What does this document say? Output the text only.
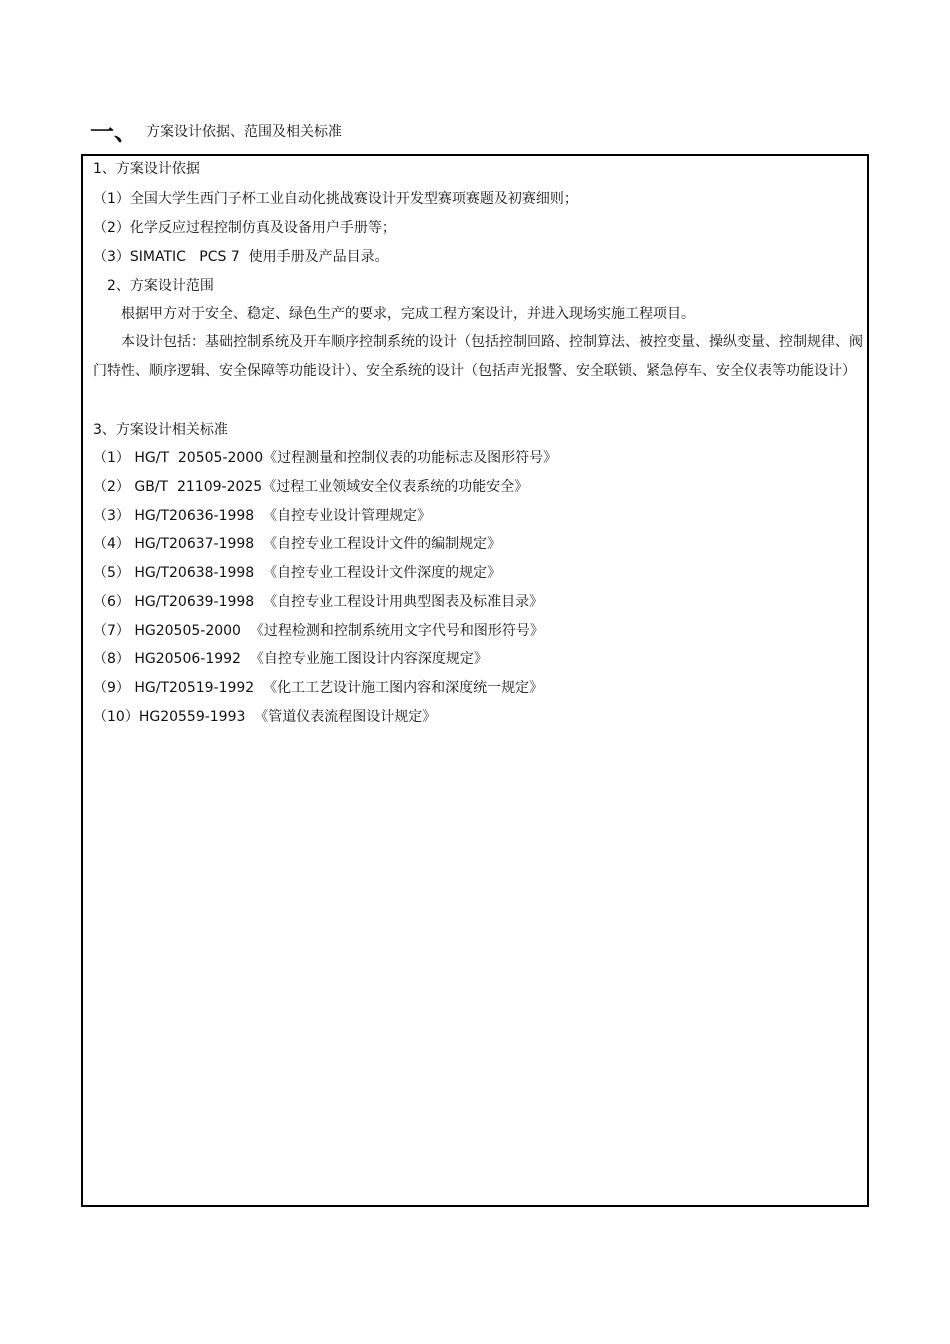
一、 方案设计依据、范围及相关标准
1、方案设计依据
（1）全国大学生西门子杯工业自动化挑战赛设计开发型赛项赛题及初赛细则；
（2）化学反应过程控制仿真及设备用户手册等；
（3）SIMATIC   PCS 7  使用手册及产品目录。
2、方案设计范围
根据甲方对于安全、稳定、绿色生产的要求，完成工程方案设计，并进入现场实施工程项目。
本设计包括：基础控制系统及开车顺序控制系统的设计（包括控制回路、控制算法、被控变量、操纵变量、控制规律、阀门特性、顺序逻辑、安全保障等功能设计）、安全系统的设计（包括声光报警、安全联锁、紧急停车、安全仪表等功能设计）
3、方案设计相关标准
（1） HG/T  20505-2000《过程测量和控制仪表的功能标志及图形符号》
（2） GB/T  21109-2025《过程工业领域安全仪表系统的功能安全》
（3） HG/T20636-1998  《自控专业设计管理规定》
（4） HG/T20637-1998  《自控专业工程设计文件的编制规定》
（5） HG/T20638-1998  《自控专业工程设计文件深度的规定》
（6） HG/T20639-1998  《自控专业工程设计用典型图表及标准目录》
（7） HG20505-2000  《过程检测和控制系统用文字代号和图形符号》
（8） HG20506-1992  《自控专业施工图设计内容深度规定》
（9） HG/T20519-1992  《化工工艺设计施工图内容和深度统一规定》
（10）HG20559-1993  《管道仪表流程图设计规定》
